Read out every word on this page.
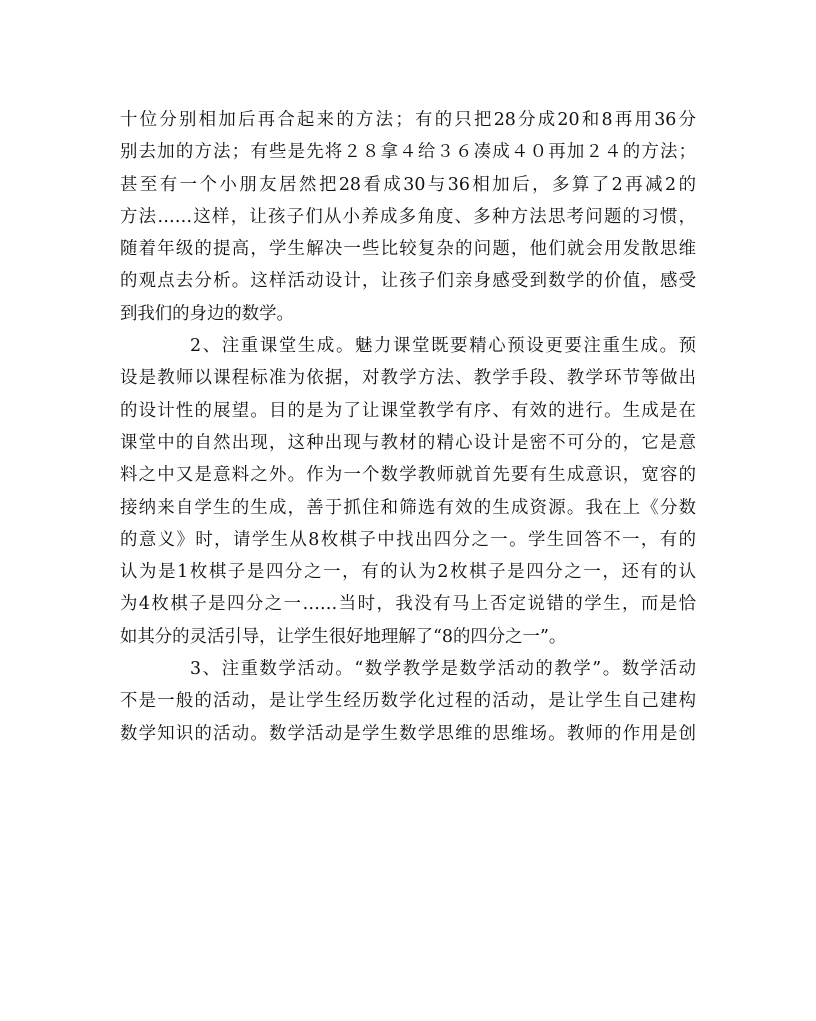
十位分别相加后再合起来的方法；有的只把28分成20和8再用36分
别去加的方法；有些是先将２８拿４给３６凑成４０再加２４的方法；
甚至有一个小朋友居然把28看成30与36相加后，多算了2再减2的
方法……这样，让孩子们从小养成多角度、多种方法思考问题的习惯，
随着年级的提高，学生解决一些比较复杂的问题，他们就会用发散思维
的观点去分析。这样活动设计，让孩子们亲身感受到数学的价值，感受
到我们的身边的数学。
2、注重课堂生成。魅力课堂既要精心预设更要注重生成。预
设是教师以课程标准为依据，对教学方法、教学手段、教学环节等做出
的设计性的展望。目的是为了让课堂教学有序、有效的进行。生成是在
课堂中的自然出现，这种出现与教材的精心设计是密不可分的，它是意
料之中又是意料之外。作为一个数学教师就首先要有生成意识，宽容的
接纳来自学生的生成，善于抓住和筛选有效的生成资源。我在上《分数
的意义》时，请学生从8枚棋子中找出四分之一。学生回答不一，有的
认为是1枚棋子是四分之一，有的认为2枚棋子是四分之一，还有的认
为4枚棋子是四分之一……当时，我没有马上否定说错的学生，而是恰
如其分的灵活引导，让学生很好地理解了“8的四分之一”。
3、注重数学活动。“数学教学是数学活动的教学”。数学活动
不是一般的活动，是让学生经历数学化过程的活动，是让学生自己建构
数学知识的活动。数学活动是学生数学思维的思维场。教师的作用是创
